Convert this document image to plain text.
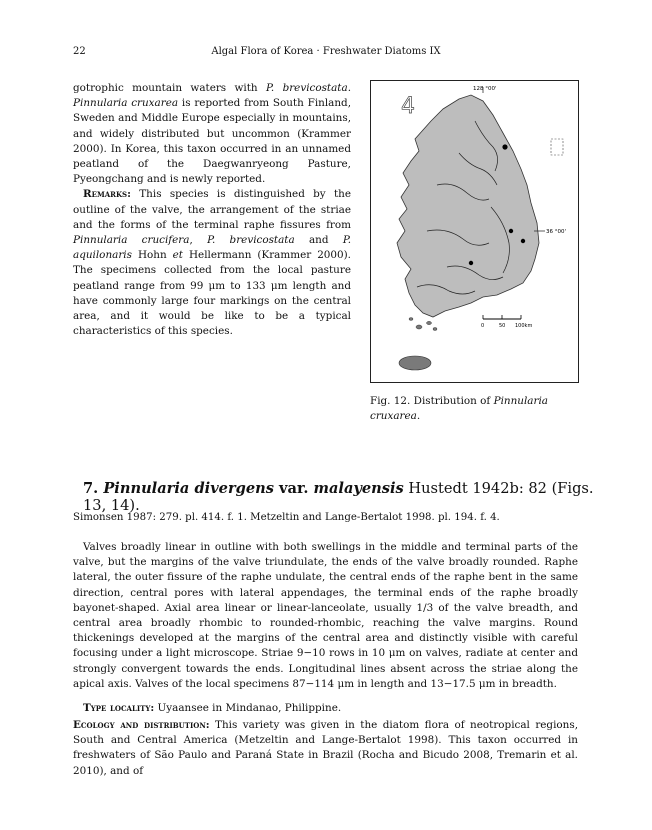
22	Algal Flora of Korea · Freshwater Diatoms IX

gotrophic mountain waters with P. brevicostata. Pinnularia cruxarea is reported from South Finland, Sweden and Middle Europe especially in mountains, and widely distributed but uncommon (Krammer 2000). In Korea, this taxon occurred in an unnamed peatland of the Daegwanryeong Pasture, Pyeongchang and is newly reported.

Remarks: This species is distinguished by the outline of the valve, the arrangement of the striae and the forms of the terminal raphe fissures from Pinnularia crucifera, P. brevicostata and P. aquilonaris Hohn et Hellermann (Krammer 2000). The specimens collected from the local pasture peatland range from 99 μm to 133 μm length and have commonly large four markings on the central area, and it would be like to be a typical characteristics of this species.

128 °00'
4
36 °00'
0	50 100km
Fig. 12. Distribution of Pinnularia cruxarea.
7. Pinnularia divergens var. malayensis Hustedt 1942b: 82 (Figs. 13, 14).
Simonsen 1987: 279. pl. 414. f. 1. Metzeltin and Lange-Bertalot 1998. pl. 194. f. 4.
Valves broadly linear in outline with both swellings in the middle and terminal parts of the valve, but the margins of the valve triundulate, the ends of the valve broadly rounded. Raphe lateral, the outer fissure of the raphe undulate, the central ends of the raphe bent in the same direction, central pores with lateral appendages, the terminal ends of the raphe broadly bayonet-shaped. Axial area linear or linear-lanceolate, usually 1/3 of the valve breadth, and central area broadly rhombic to rounded-rhombic, reaching the valve margins. Round thickenings developed at the margins of the central area and distinctly visible with careful focusing under a light microscope. Striae 9−10 rows in 10 μm on valves, radiate at center and strongly convergent towards the ends. Longitudinal lines absent across the striae along the apical axis. Valves of the local specimens 87−114 μm in length and 13−17.5 μm in breadth.
Type locality: Uyaansee in Mindanao, Philippine.
Ecology and distribution: This variety was given in the diatom flora of neotropical regions, South and Central America (Metzeltin and Lange-Bertalot 1998). This taxon occurred in freshwaters of São Paulo and Paraná State in Brazil (Rocha and Bicudo 2008, Tremarin et al. 2010), and of
